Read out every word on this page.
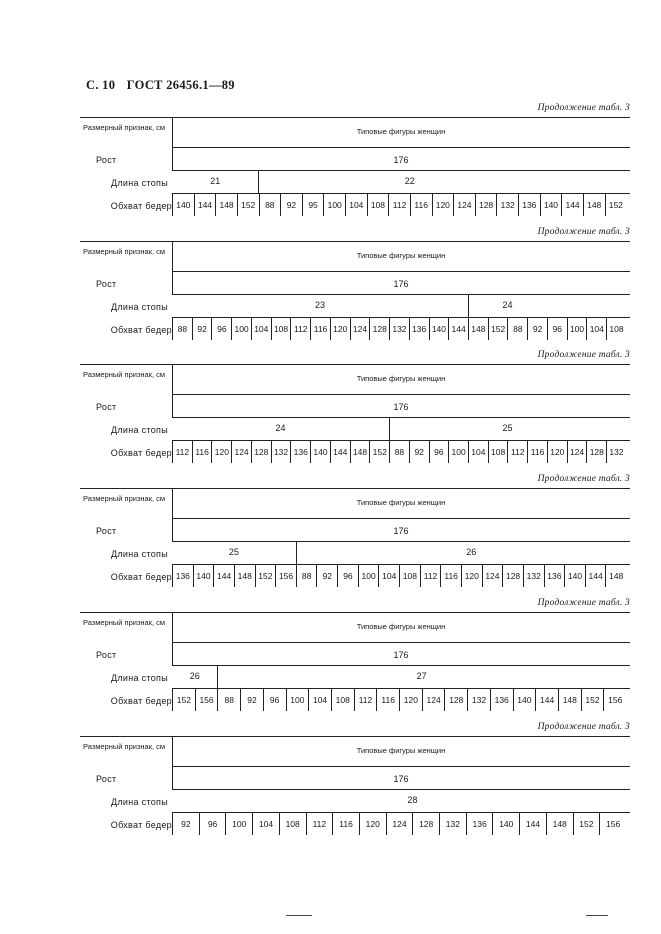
С. 10 ГОСТ 26456.1—89
Продолжение табл. 3
Размерный признак, см	Типовые фигуры женщин
Рост	176
Длина стопы	21	22
Обхват бедер 140 144 148 152	88	92	95	100 104 108 112 116 120 124 128 132 136 140 144 148 152
Продолжение табл. 3
Размерный признак, см	Типовые фигуры женщин
Рост	176
Длина стопы	23	24
Обхват бедер 88	92	96 100 104 108 112 116 120 124 128 132 136 140 144 148 152 88	92	96 100 104 108
Продолжение табл. 3
Размерный признак, см	Типовые фигуры женщин
Рост	176
Длина стопы	24	25
Обхват бедер 112 116 120 124 128 132 136 140 144 148 152 88	92	96 100 104 108 112 116 120 124 128 132
Продолжение табл. 3
Размерный признак, см	Типовые фигуры женщин
Рост	176
Длина стопы	25	26
Обхват бедер 136 140 144 148 152 156	88	92	96	100 104 108 112 116 120 124 128 132 136 140 144 148
Продолжение табл. 3
Размерный признак, см	Типовые фигуры женщин
Рост	176
Длина стопы	26	27
Обхват бедер 152	156	88	92	96	100	104	108	112	116	120	124	128	132	136	140	144	148	152	156
Продолжение табл. 3
Размерный признак, см	Типовые фигуры женщин
Рост	176
Длина стопы	28
Обхват бедер	92	96	100	104	108	112	116	120	124	128	132	136	140	144	148	152	156
